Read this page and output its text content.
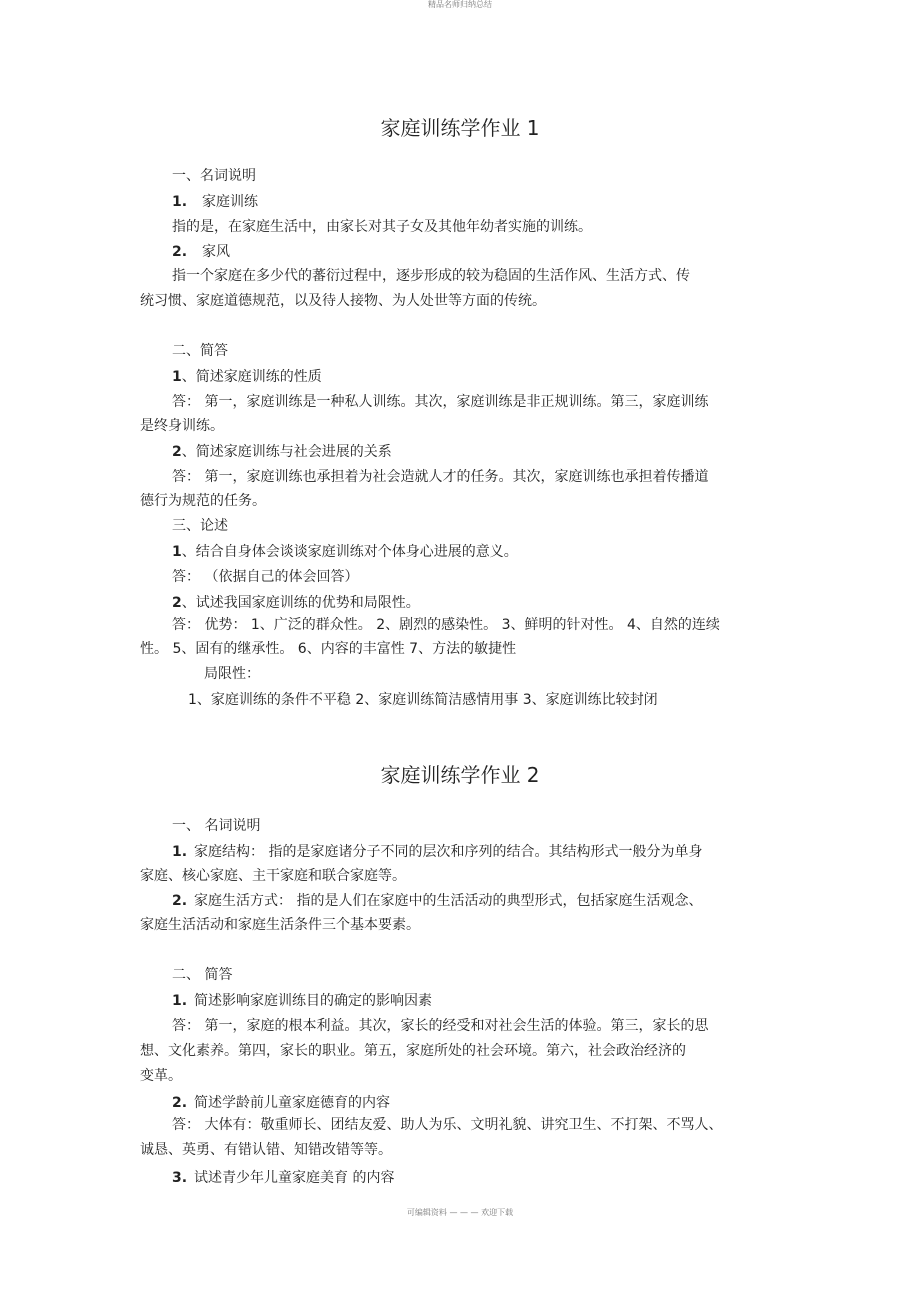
精品名师归纳总结
家庭训练学作业 1
一、名词说明
1. 家庭训练
指的是，在家庭生活中，由家长对其子女及其他年幼者实施的训练。
2. 家风
指一个家庭在多少代的蕃衍过程中，逐步形成的较为稳固的生活作风、生活方式、传
统习惯、家庭道德规范，以及待人接物、为人处世等方面的传统。
二、简答
1、简述家庭训练的性质
答： 第一，家庭训练是一种私人训练。其次，家庭训练是非正规训练。第三，家庭训练
是终身训练。
2、简述家庭训练与社会进展的关系
答： 第一，家庭训练也承担着为社会造就人才的任务。其次，家庭训练也承担着传播道
德行为规范的任务。
三、论述
1、结合自身体会谈谈家庭训练对个体身心进展的意义。
答： （依据自己的体会回答）
2、试述我国家庭训练的优势和局限性。
答： 优势： 1、广泛的群众性。 2、剧烈的感染性。 3、鲜明的针对性。 4、自然的连续
性。 5、固有的继承性。 6、内容的丰富性 7、方法的敏捷性
局限性：
1、家庭训练的条件不平稳 2、家庭训练简洁感情用事 3、家庭训练比较封闭
家庭训练学作业 2
一、 名词说明
1. 家庭结构： 指的是家庭诸分子不同的层次和序列的结合。其结构形式一般分为单身
家庭、核心家庭、主干家庭和联合家庭等。
2. 家庭生活方式： 指的是人们在家庭中的生活活动的典型形式，包括家庭生活观念、
家庭生活活动和家庭生活条件三个基本要素。
二、 简答
1. 简述影响家庭训练目的确定的影响因素
答： 第一，家庭的根本利益。其次，家长的经受和对社会生活的体验。第三，家长的思
想、文化素养。第四，家长的职业。第五，家庭所处的社会环境。第六，社会政治经济的
变革。
2. 简述学龄前儿童家庭德育的内容
答： 大体有：敬重师长、团结友爱、助人为乐、文明礼貌、讲究卫生、不打架、不骂人、
诚恳、英勇、有错认错、知错改错等等。
3. 试述青少年儿童家庭美育 的内容
可编辑资料 — — — 欢迎下载
